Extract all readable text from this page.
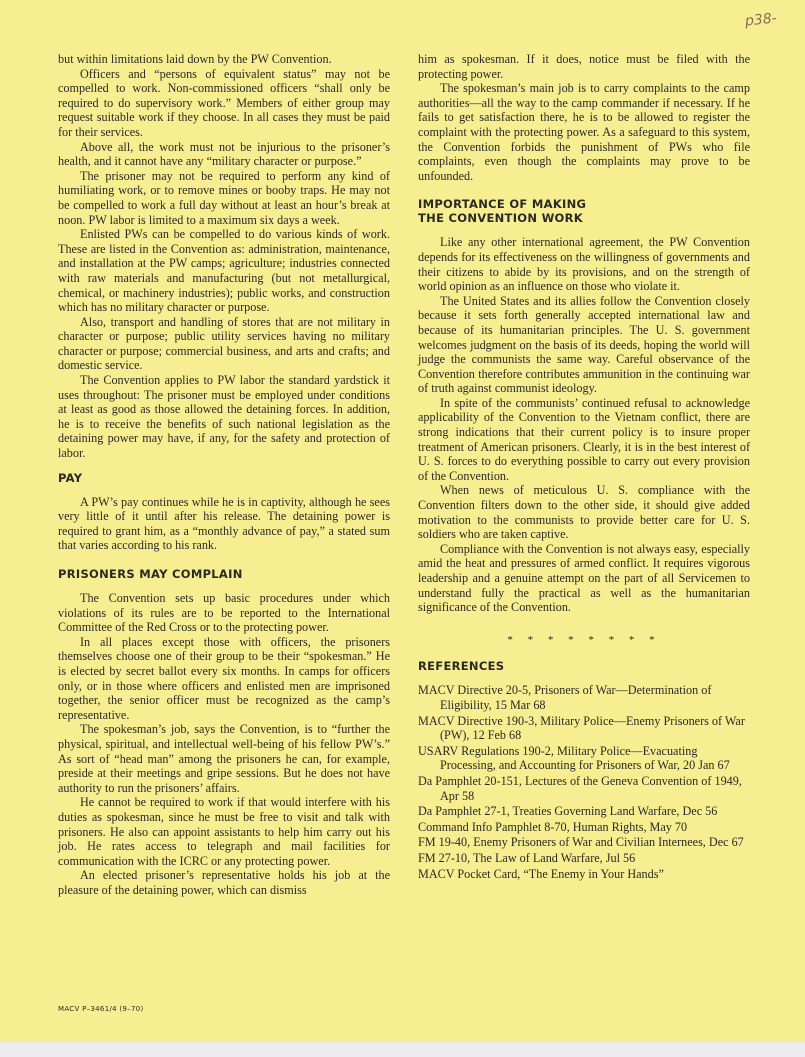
p38-

but within limitations laid down by the PW Convention.

Officers and “persons of equivalent status” may not be compelled to work. Non-commissioned officers “shall only be required to do supervisory work.” Members of either group may request suitable work if they choose. In all cases they must be paid for their services.

Above all, the work must not be injurious to the prisoner’s health, and it cannot have any “military character or purpose.”

The prisoner may not be required to perform any kind of humiliating work, or to remove mines or booby traps. He may not be compelled to work a full day without at least an hour’s break at noon. PW labor is limited to a maximum six days a week.

Enlisted PWs can be compelled to do various kinds of work. These are listed in the Convention as: administration, maintenance, and installation at the PW camps; agriculture; industries connected with raw materials and manufacturing (but not metallurgical, chemical, or machinery industries); public works, and construction which has no military character or purpose.

Also, transport and handling of stores that are not military in character or purpose; public utility services having no military character or purpose; commercial business, and arts and crafts; and domestic service.

The Convention applies to PW labor the standard yardstick it uses throughout: The prisoner must be employed under conditions at least as good as those allowed the detaining forces. In addition, he is to receive the benefits of such national legislation as the detaining power may have, if any, for the safety and protection of labor.

PAY

A PW’s pay continues while he is in captivity, although he sees very little of it until after his release. The detaining power is required to grant him, as a “monthly advance of pay,” a stated sum that varies according to his rank.

PRISONERS MAY COMPLAIN

The Convention sets up basic procedures under which violations of its rules are to be reported to the International Committee of the Red Cross or to the protecting power.

In all places except those with officers, the prisoners themselves choose one of their group to be their “spokesman.” He is elected by secret ballot every six months. In camps for officers only, or in those where officers and enlisted men are imprisoned together, the senior officer must be recognized as the camp’s representative.

The spokesman’s job, says the Convention, is to “further the physical, spiritual, and intellectual well-being of his fellow PW’s.” As sort of “head man” among the prisoners he can, for example, preside at their meetings and gripe sessions. But he does not have authority to run the prisoners’ affairs.

He cannot be required to work if that would interfere with his duties as spokesman, since he must be free to visit and talk with prisoners. He also can appoint assistants to help him carry out his job. He rates access to telegraph and mail facilities for communication with the ICRC or any protecting power.

An elected prisoner’s representative holds his job at the pleasure of the detaining power, which can dismiss

him as spokesman. If it does, notice must be filed with the protecting power.

The spokesman’s main job is to carry complaints to the camp authorities—all the way to the camp commander if necessary. If he fails to get satisfaction there, he is to be allowed to register the complaint with the protecting power. As a safeguard to this system, the Convention forbids the punishment of PWs who file complaints, even though the complaints may prove to be unfounded.

IMPORTANCE OF MAKING
THE CONVENTION WORK

Like any other international agreement, the PW Convention depends for its effectiveness on the willingness of governments and their citizens to abide by its provisions, and on the strength of world opinion as an influence on those who violate it.

The United States and its allies follow the Convention closely because it sets forth generally accepted international law and because of its humanitarian principles. The U. S. government welcomes judgment on the basis of its deeds, hoping the world will judge the communists the same way. Careful observance of the Convention therefore contributes ammunition in the continuing war of truth against communist ideology.

In spite of the communists’ continued refusal to acknowledge applicability of the Convention to the Vietnam conflict, there are strong indications that their current policy is to insure proper treatment of American prisoners. Clearly, it is in the best interest of U. S. forces to do everything possible to carry out every provision of the Convention.

When news of meticulous U. S. compliance with the Convention filters down to the other side, it should give added motivation to the communists to provide better care for U. S. soldiers who are taken captive.

Compliance with the Convention is not always easy, especially amid the heat and pressures of armed conflict. It requires vigorous leadership and a genuine attempt on the part of all Servicemen to understand fully the practical as well as the humanitarian significance of the Convention.

* * * * * * * *
REFERENCES
MACV Directive 20-5, Prisoners of War—Determination of Eligibility, 15 Mar 68
MACV Directive 190-3, Military Police—Enemy Prisoners of War (PW), 12 Feb 68
USARV Regulations 190-2, Military Police—Evacuating Processing, and Accounting for Prisoners of War, 20 Jan 67
Da Pamphlet 20-151, Lectures of the Geneva Convention of 1949, Apr 58
Da Pamphlet 27-1, Treaties Governing Land Warfare, Dec 56
Command Info Pamphlet 8-70, Human Rights, May 70
FM 19-40, Enemy Prisoners of War and Civilian Internees, Dec 67
FM 27-10, The Law of Land Warfare, Jul 56
MACV Pocket Card, “The Enemy in Your Hands”
MACV P–3461/4 (9–70)
